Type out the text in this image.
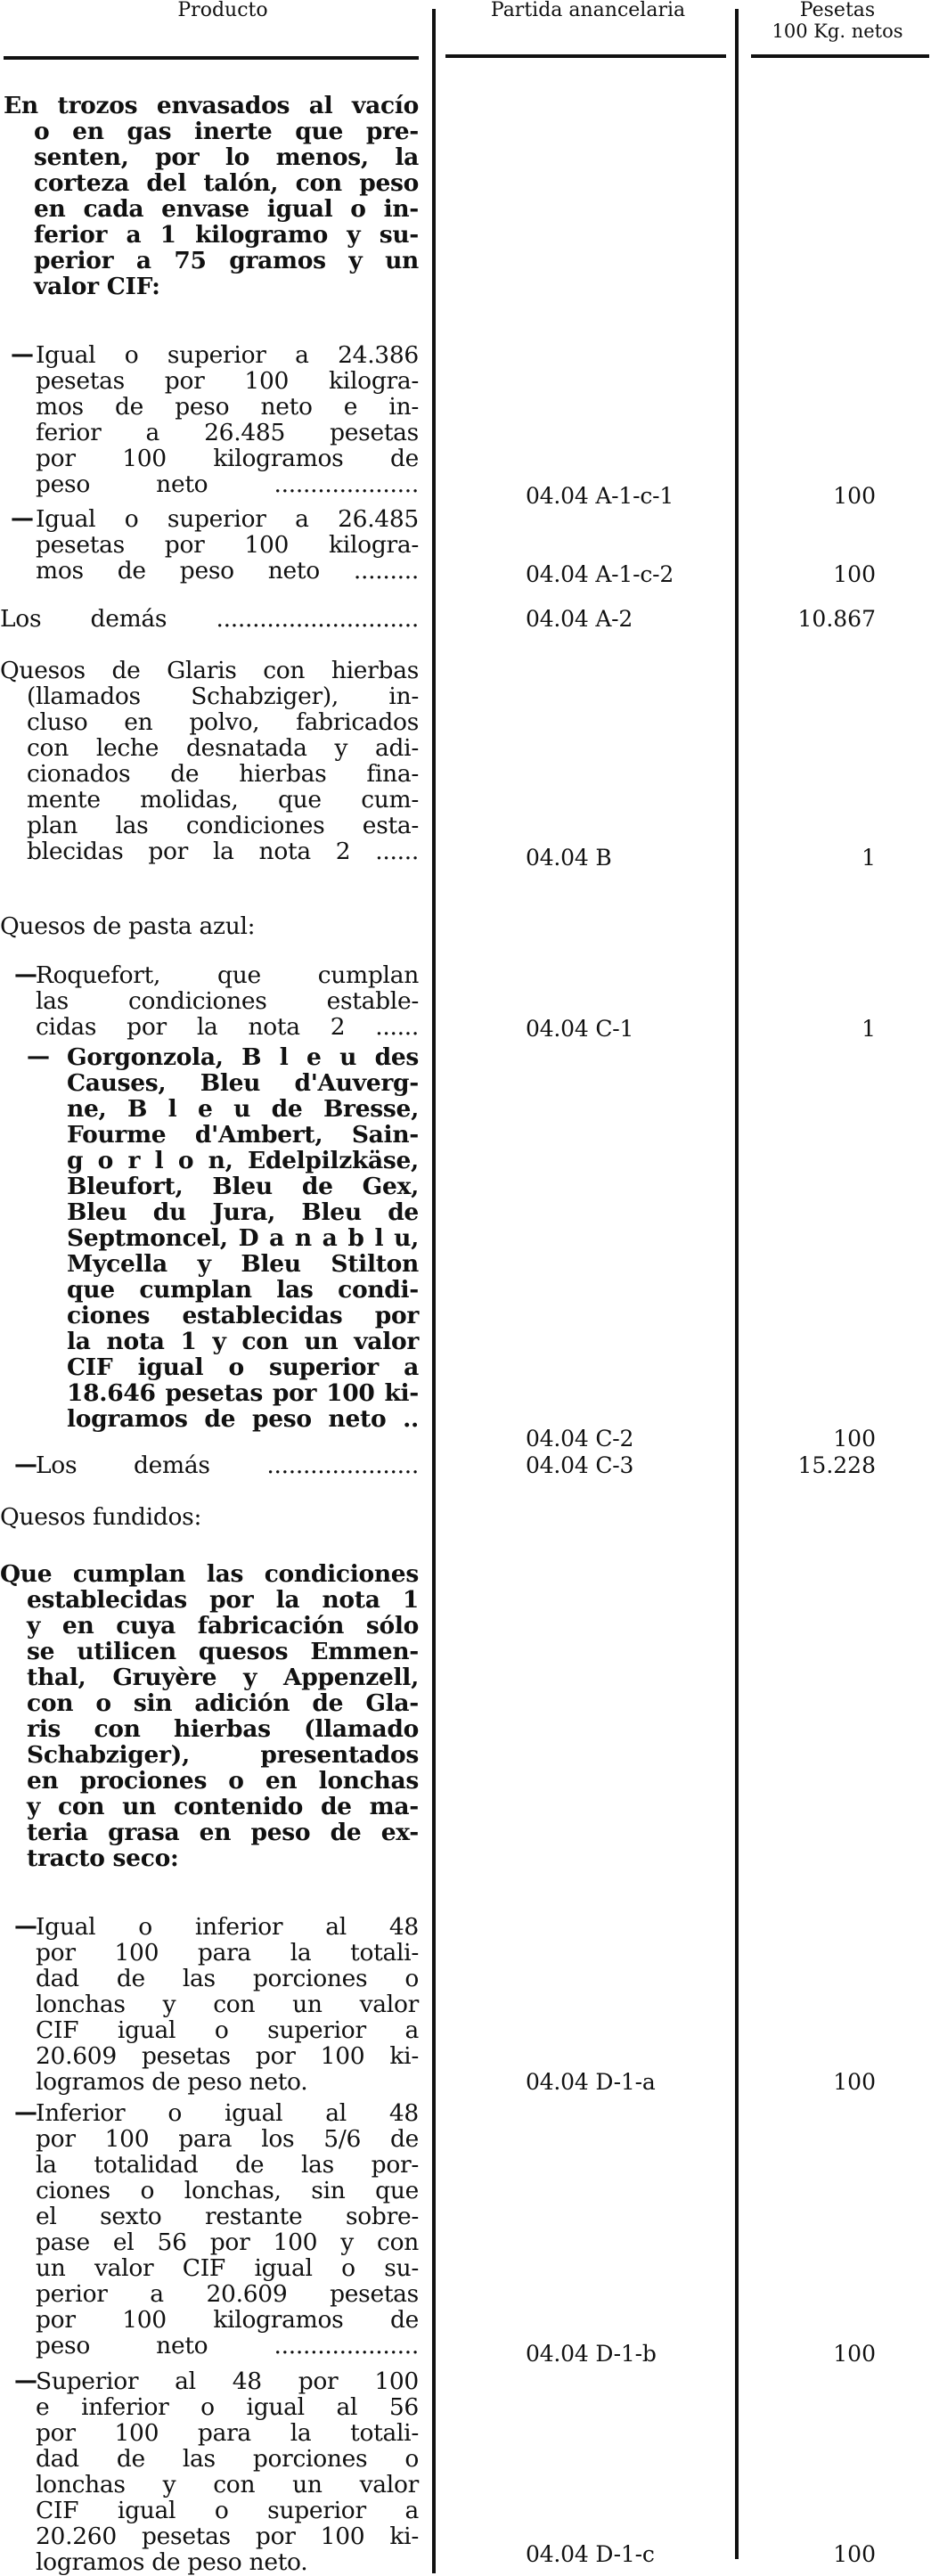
Producto	Partida anancelaria	Pesetas
100 Kg. netos
En trozos envasados al vacío
o en gas inerte que pre-
senten, por lo menos, la
corteza del talón, con peso
en cada envase igual o in-
ferior a 1 kilogramo y su-
perior a 75 gramos y un
valor CIF:
— Igual o superior a 24.386
pesetas por 100 kilogra-
mos de peso neto e in-
ferior a 26.485 pesetas
por 100 kilogramos de
peso neto ....................	04.04 A-1-c-1	100
— Igual o superior a 26.485
pesetas por 100 kilogra-
mos de peso neto .........	04.04 A-1-c-2	100
Los demás ............................	04.04 A-2	10.867
Quesos de Glaris con hierbas
(llamados Schabziger), in-
cluso en polvo, fabricados
con leche desnatada y adi-
cionados de hierbas fina-
mente molidas, que cum-
plan las condiciones esta-
blecidas por la nota 2 ......	04.04 B	1
Quesos de pasta azul:
—
Roquefort, que cumplan
las condiciones estable-
cidas por la nota 2 ......	04.04 C-1	1
— Gorgonzola, B l e u des
Causes, Bleu d'Auverg-
ne, B l e u de Bresse,
Fourme d'Ambert, Sain-
g o r l o n, Edelpilzkäse,
Bleufort, Bleu de Gex,
Bleu du Jura, Bleu de
Septmoncel, D a n a b l u,
Mycella y Bleu Stilton
que cumplan las condi-
ciones establecidas por
la nota 1 y con un valor
CIF igual o superior a
18.646 pesetas por 100 ki-
logramos de peso neto ..
04.04 C-2	100
—
Los demás .....................	04.04 C-3	15.228
Quesos fundidos:
Que cumplan las condiciones
establecidas por la nota 1
y en cuya fabricación sólo
se utilicen quesos Emmen-
thal, Gruyère y Appenzell,
con o sin adición de Gla-
ris con hierbas (llamado
Schabziger), presentados
en prociones o en lonchas
y con un contenido de ma-
teria grasa en peso de ex-
tracto seco:
—
Igual o inferior al 48
por 100 para la totali-
dad de las porciones o
lonchas y con un valor
CIF igual o superior a
20.609 pesetas por 100 ki-
logramos de peso neto.	04.04 D-1-a	100
—
Inferior o igual al 48
por 100 para los 5/6 de
la totalidad de las por-
ciones o lonchas, sin que
el sexto restante sobre-
pase el 56 por 100 y con
un valor CIF igual o su-
perior a 20.609 pesetas
por 100 kilogramos de
peso neto ....................	04.04 D-1-b	100
—
Superior al 48 por 100
e inferior o igual al 56
por 100 para la totali-
dad de las porciones o
lonchas y con un valor
CIF igual o superior a
20.260 pesetas por 100 ki-
logramos de peso neto.	04.04 D-1-c	100
